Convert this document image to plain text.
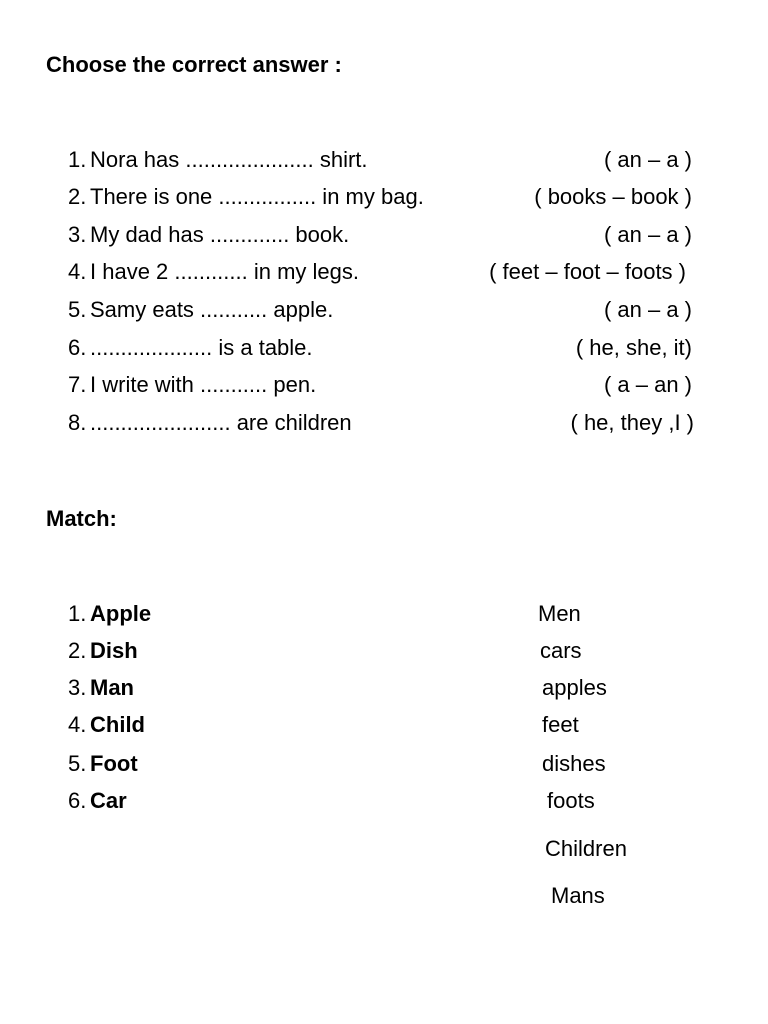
Choose the correct answer :
1. Nora has ..................... shirt.	( an – a )
2. There is one ................ in my bag.	( books – book )
3. My dad has ............. book.	( an – a )
4. I have 2 ............ in my legs.	( feet – foot – foots )
5. Samy eats ........... apple.	( an – a )
6. .................... is a table.	( he, she, it)
7. I write with ........... pen.	( a – an )
8. ....................... are children	( he, they ,I )
Match:
1. Apple
2. Dish
3. Man
4. Child
5. Foot
6. Car
Men
cars
apples
feet
dishes
foots
Children
Mans
